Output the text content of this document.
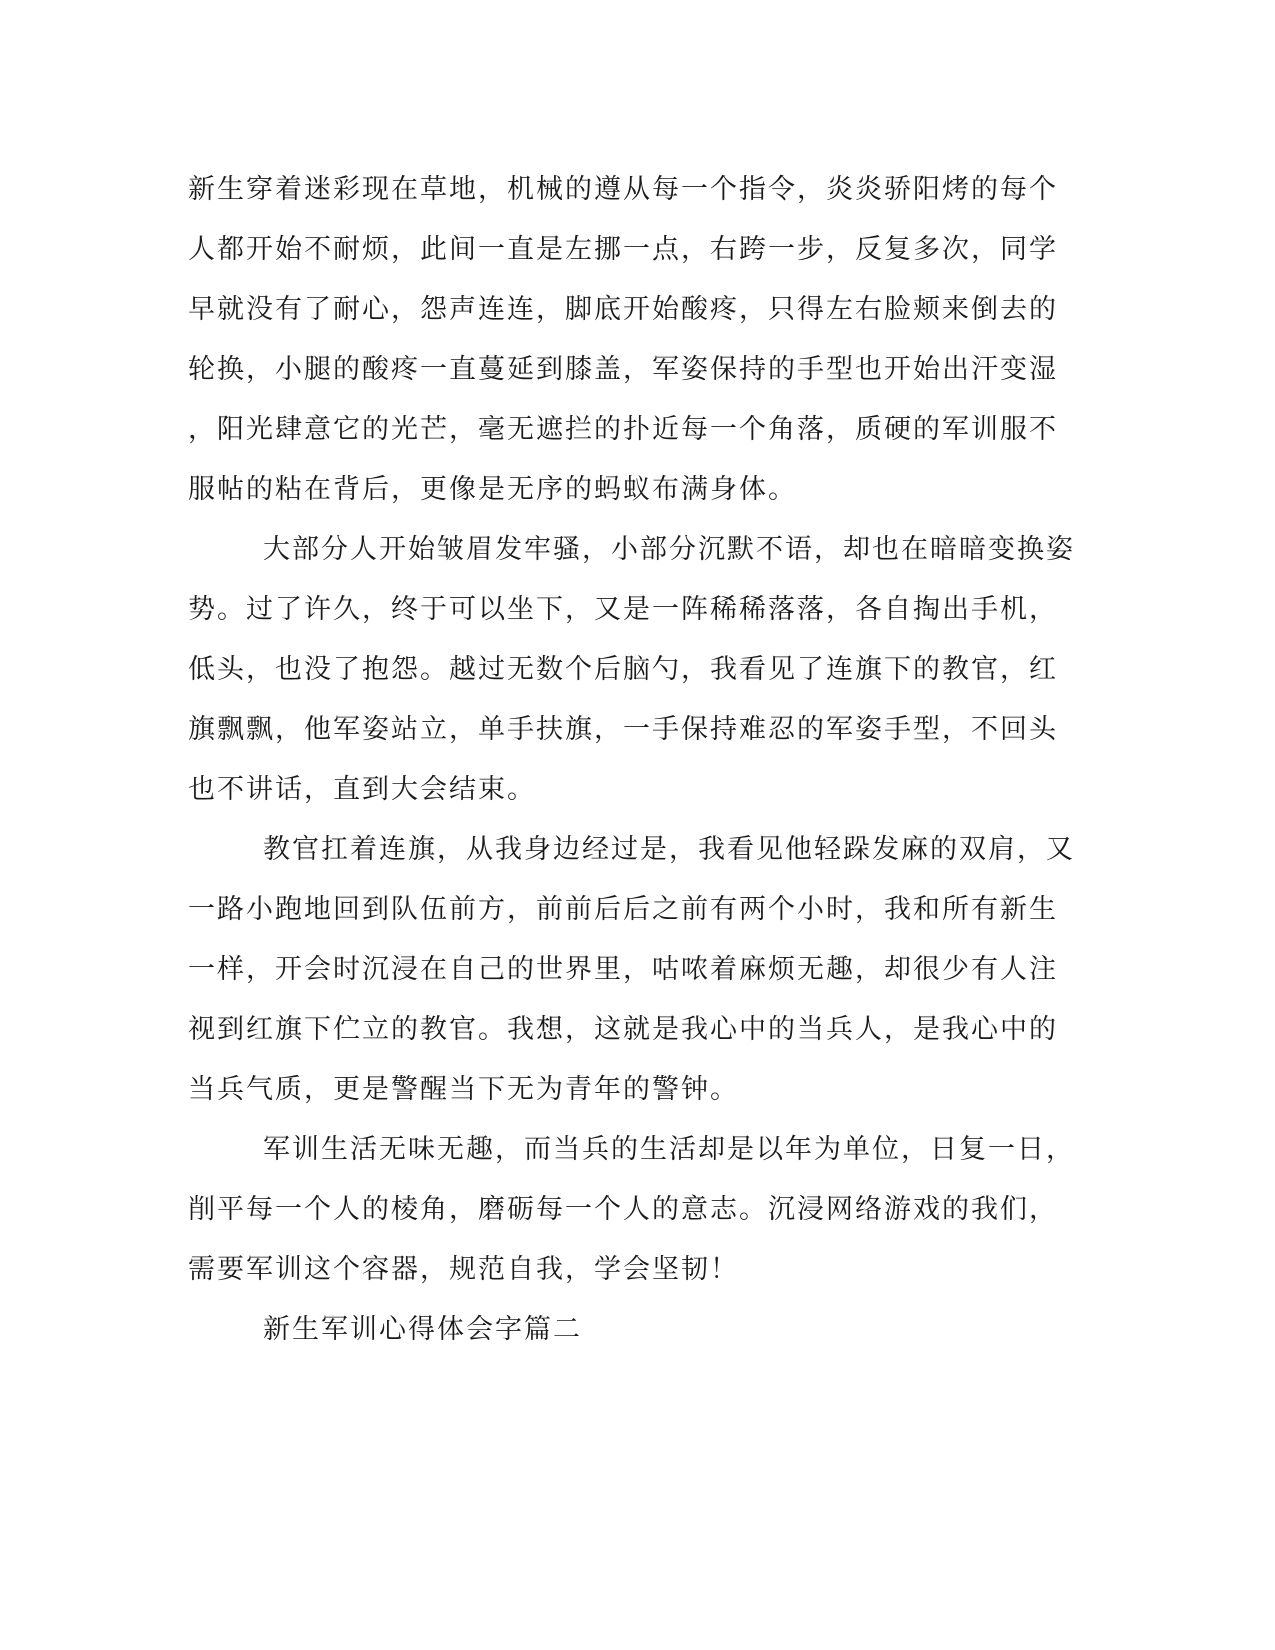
新生穿着迷彩现在草地，机械的遵从每一个指令，炎炎骄阳烤的每个
人都开始不耐烦，此间一直是左挪一点，右跨一步，反复多次，同学
早就没有了耐心，怨声连连，脚底开始酸疼，只得左右脸颊来倒去的
轮换，小腿的酸疼一直蔓延到膝盖，军姿保持的手型也开始出汗变湿
，阳光肆意它的光芒，毫无遮拦的扑近每一个角落，质硬的军训服不
服帖的粘在背后，更像是无序的蚂蚁布满身体。
大部分人开始皱眉发牢骚，小部分沉默不语，却也在暗暗变换姿
势。过了许久，终于可以坐下，又是一阵稀稀落落，各自掏出手机，
低头，也没了抱怨。越过无数个后脑勺，我看见了连旗下的教官，红
旗飘飘，他军姿站立，单手扶旗，一手保持难忍的军姿手型，不回头
也不讲话，直到大会结束。
教官扛着连旗，从我身边经过是，我看见他轻跺发麻的双肩，又
一路小跑地回到队伍前方，前前后后之前有两个小时，我和所有新生
一样，开会时沉浸在自己的世界里，咕哝着麻烦无趣，却很少有人注
视到红旗下伫立的教官。我想，这就是我心中的当兵人，是我心中的
当兵气质，更是警醒当下无为青年的警钟。
军训生活无味无趣，而当兵的生活却是以年为单位，日复一日，
削平每一个人的棱角，磨砺每一个人的意志。沉浸网络游戏的我们，
需要军训这个容器，规范自我，学会坚韧！
新生军训心得体会字篇二
